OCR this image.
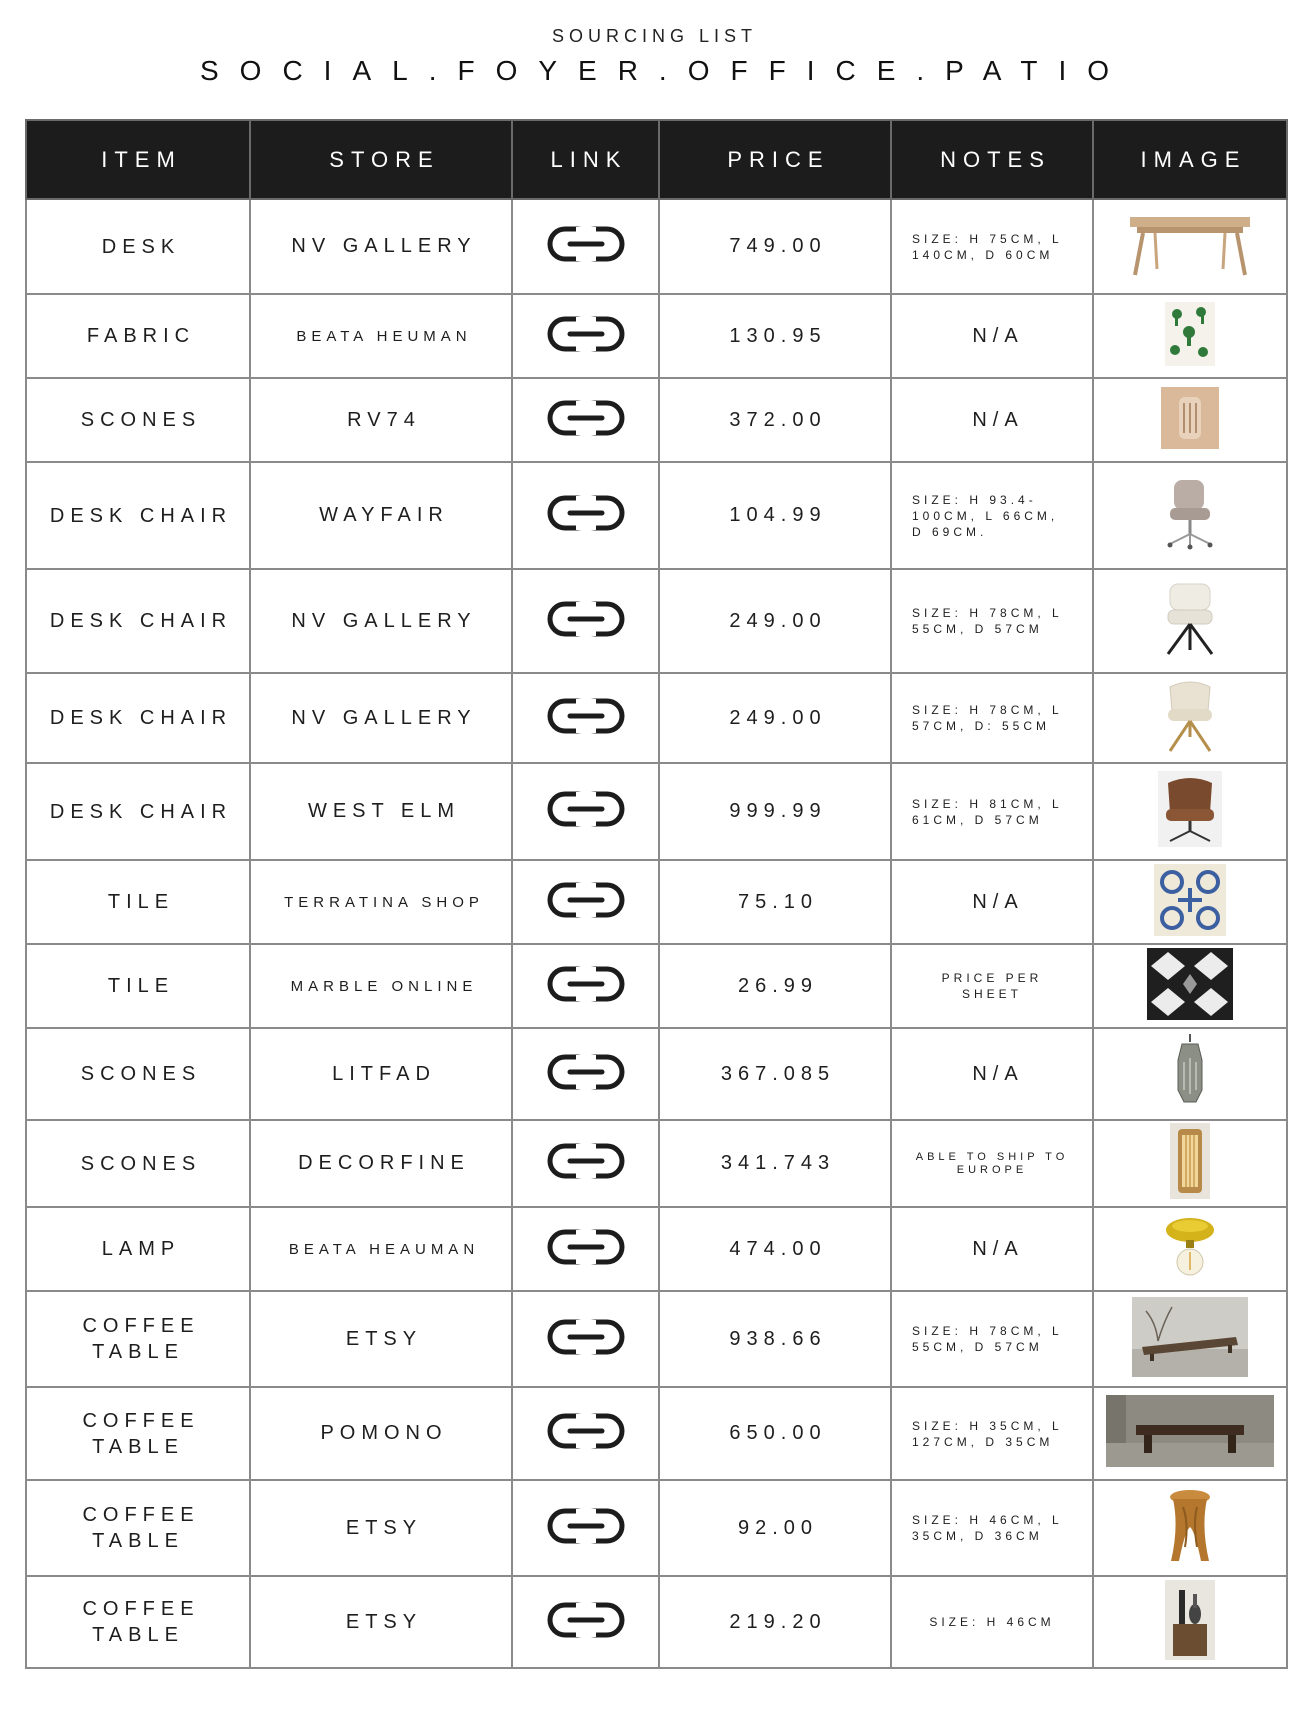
SOURCING LIST
SOCIAL.FOYER.OFFICE.PATIO
ITEM	STORE	LINK	PRICE	NOTES	IMAGE
DESK	NV GALLERY		749.00	SIZE: H 75CM, L 140CM, D 60CM	
FABRIC	BEATA HEUMAN		130.95	N/A	
SCONES	RV74		372.00	N/A	
DESK CHAIR	WAYFAIR		104.99	SIZE: H 93.4-100CM, L 66CM, D 69CM.	
DESK CHAIR	NV GALLERY		249.00	SIZE: H 78CM, L 55CM, D 57CM	
DESK CHAIR	NV GALLERY		249.00	SIZE: H 78CM, L 57CM, D: 55CM	
DESK CHAIR	WEST ELM		999.99	SIZE: H 81CM, L 61CM, D 57CM	
TILE	TERRATINA SHOP		75.10	N/A	
TILE	MARBLE ONLINE		26.99	PRICE PER SHEET	
SCONES	LITFAD		367.085	N/A	
SCONES	DECORFINE		341.743	ABLE TO SHIP TO EUROPE	
LAMP	BEATA HEAUMAN		474.00	N/A	
COFFEE TABLE	ETSY		938.66	SIZE: H 78CM, L 55CM, D 57CM	
COFFEE TABLE	POMONO		650.00	SIZE: H 35CM, L 127CM, D 35CM	
COFFEE TABLE	ETSY		92.00	SIZE: H 46CM, L 35CM, D 36CM	
COFFEE TABLE	ETSY		219.20	SIZE: H 46CM	
